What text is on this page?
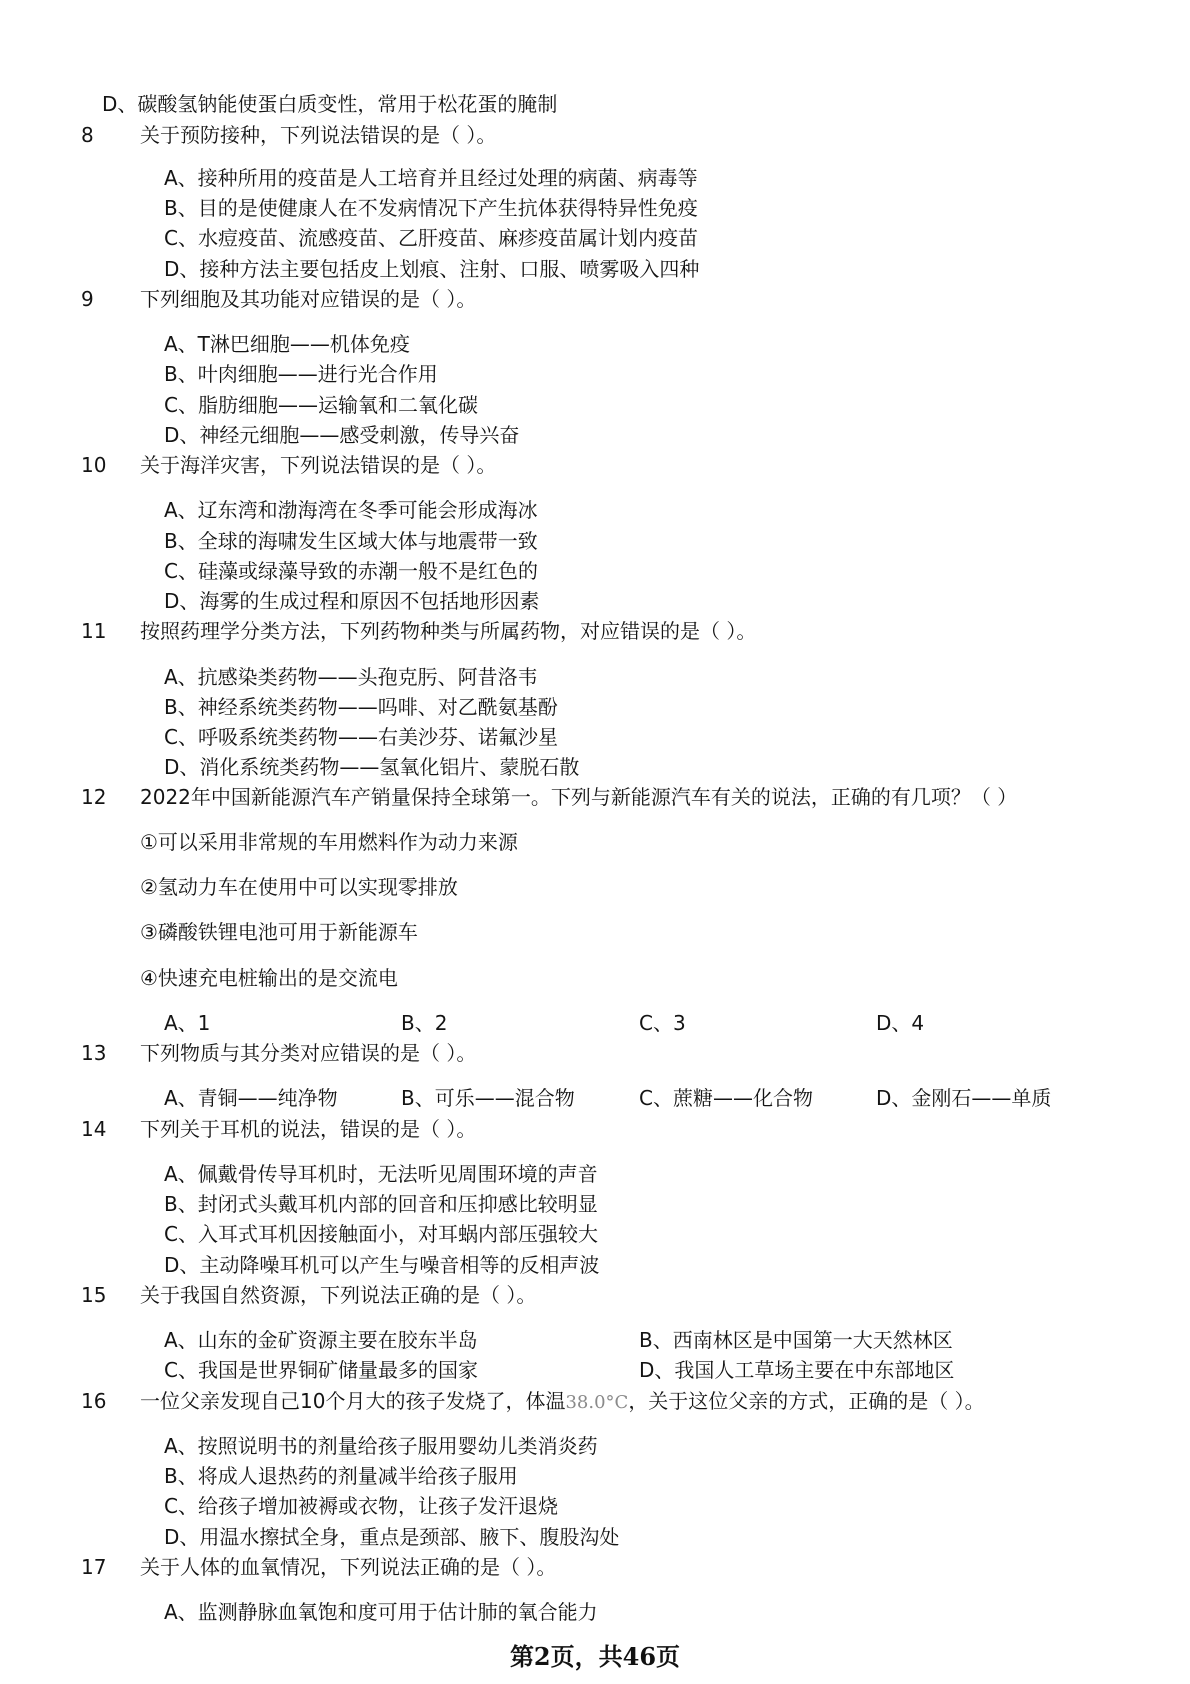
D、碳酸氢钠能使蛋白质变性，常用于松花蛋的腌制
8 关于预防接种，下列说法错误的是（ ）。
A、接种所用的疫苗是人工培育并且经过处理的病菌、病毒等
B、目的是使健康人在不发病情况下产生抗体获得特异性免疫
C、水痘疫苗、流感疫苗、乙肝疫苗、麻疹疫苗属计划内疫苗
D、接种方法主要包括皮上划痕、注射、口服、喷雾吸入四种
9 下列细胞及其功能对应错误的是（ ）。
A、T淋巴细胞——机体免疫
B、叶肉细胞——进行光合作用
C、脂肪细胞——运输氧和二氧化碳
D、神经元细胞——感受刺激，传导兴奋
10 关于海洋灾害，下列说法错误的是（ ）。
A、辽东湾和渤海湾在冬季可能会形成海冰
B、全球的海啸发生区域大体与地震带一致
C、硅藻或绿藻导致的赤潮一般不是红色的
D、海雾的生成过程和原因不包括地形因素
11 按照药理学分类方法，下列药物种类与所属药物，对应错误的是（ ）。
A、抗感染类药物——头孢克肟、阿昔洛韦
B、神经系统类药物——吗啡、对乙酰氨基酚
C、呼吸系统类药物——右美沙芬、诺氟沙星
D、消化系统类药物——氢氧化铝片、蒙脱石散
12 2022年中国新能源汽车产销量保持全球第一。下列与新能源汽车有关的说法，正确的有几项？（ ）
①可以采用非常规的车用燃料作为动力来源
②氢动力车在使用中可以实现零排放
③磷酸铁锂电池可用于新能源车
④快速充电桩输出的是交流电
A、1	B、2	C、3	D、4
13 下列物质与其分类对应错误的是（ ）。
A、青铜——纯净物	B、可乐——混合物	C、蔗糖——化合物	D、金刚石——单质
14 下列关于耳机的说法，错误的是（ ）。
A、佩戴骨传导耳机时，无法听见周围环境的声音
B、封闭式头戴耳机内部的回音和压抑感比较明显
C、入耳式耳机因接触面小，对耳蜗内部压强较大
D、主动降噪耳机可以产生与噪音相等的反相声波
15 关于我国自然资源，下列说法正确的是（ ）。
A、山东的金矿资源主要在胶东半岛	B、西南林区是中国第一大天然林区
C、我国是世界铜矿储量最多的国家	D、我国人工草场主要在中东部地区
16 一位父亲发现自己10个月大的孩子发烧了，体温38.0°C，关于这位父亲的方式，正确的是（ ）。
A、按照说明书的剂量给孩子服用婴幼儿类消炎药
B、将成人退热药的剂量减半给孩子服用
C、给孩子增加被褥或衣物，让孩子发汗退烧
D、用温水擦拭全身，重点是颈部、腋下、腹股沟处
17 关于人体的血氧情况，下列说法正确的是（ ）。
A、监测静脉血氧饱和度可用于估计肺的氧合能力
第2页，共46页
